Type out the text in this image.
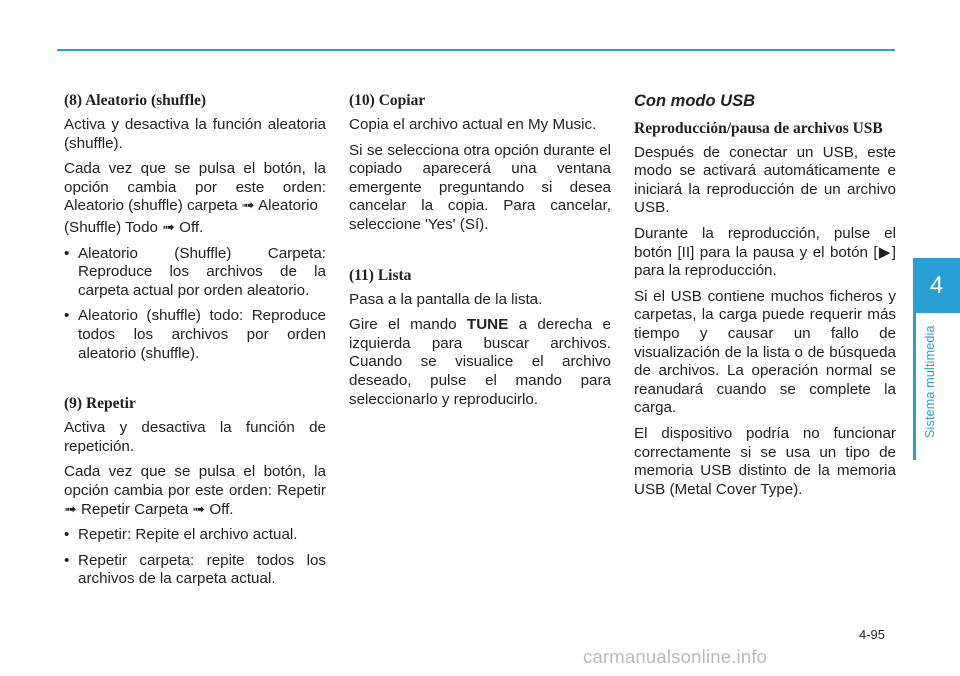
(8) Aleatorio (shuffle)

Activa y desactiva la función aleatoria (shuffle).

Cada vez que se pulsa el botón, la opción cambia por este orden: Aleatorio (shuffle) carpeta ➟ Aleatorio

(Shuffle) Todo ➟ Off.

• Aleatorio (Shuffle) Carpeta: Reproduce los archivos de la carpeta actual por orden aleatorio.
• Aleatorio (shuffle) todo: Reproduce todos los archivos por orden aleatorio (shuffle).
(9) Repetir

Activa y desactiva la función de repetición.

Cada vez que se pulsa el botón, la opción cambia por este orden: Repetir ➟ Repetir Carpeta ➟ Off.

• Repetir: Repite el archivo actual.
• Repetir carpeta: repite todos los archivos de la carpeta actual.
(10) Copiar

Copia el archivo actual en My Music.

Si se selecciona otra opción durante el copiado aparecerá una ventana emergente preguntando si desea cancelar la copia. Para cancelar, seleccione 'Yes' (Sí).

(11) Lista

Pasa a la pantalla de la lista.

Gire el mando TUNE a derecha e izquierda para buscar archivos. Cuando se visualice el archivo deseado, pulse el mando para seleccionarlo y reproducirlo.

Con modo USB
Reproducción/pausa de archivos USB

Después de conectar un USB, este modo se activará automáticamente e iniciará la reproducción de un archivo USB.

Durante la reproducción, pulse el botón [II] para la pausa y el botón [▶] para la reproducción.

Si el USB contiene muchos ficheros y carpetas, la carga puede requerir más tiempo y causar un fallo de visualización de la lista o de búsqueda de archivos. La operación normal se reanudará cuando se complete la carga.

El dispositivo podría no funcionar correctamente si se usa un tipo de memoria USB distinto de la memoria USB (Metal Cover Type).

4
Sistema multimedia
4-95
carmanualsonline.info
